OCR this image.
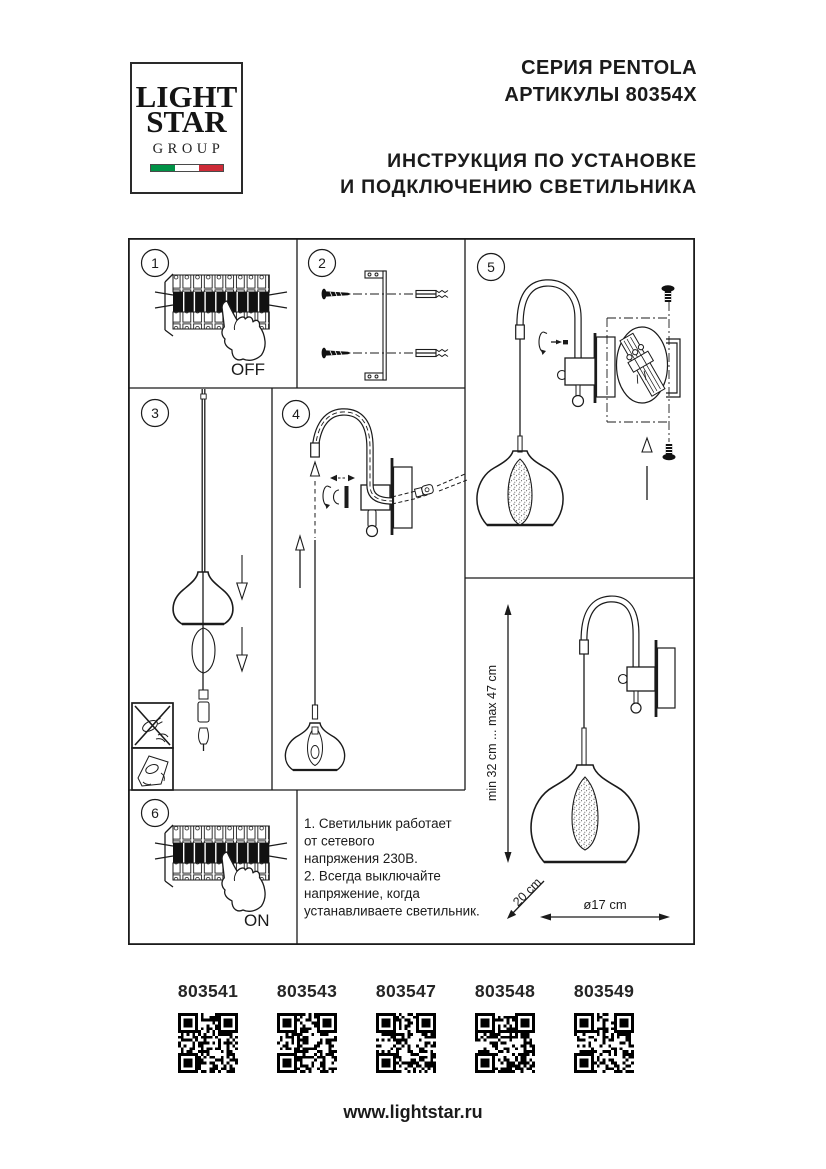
LIGHT
STAR
GROUP
СЕРИЯ PENTOLA
АРТИКУЛЫ 80354X
ИНСТРУКЦИЯ ПО УСТАНОВКЕ
И ПОДКЛЮЧЕНИЮ СВЕТИЛЬНИКА
1
OFF
2
3	4
5
min 32 cm ... max 47 cm
20 cm	ø17 cm
6
ON
1. Светильник работает от сетевого напряжения 230В. 2. Всегда выключайте напряжение, когда устанавливаете светильник.
803541 803543 803547 803548 803549
www.lightstar.ru
